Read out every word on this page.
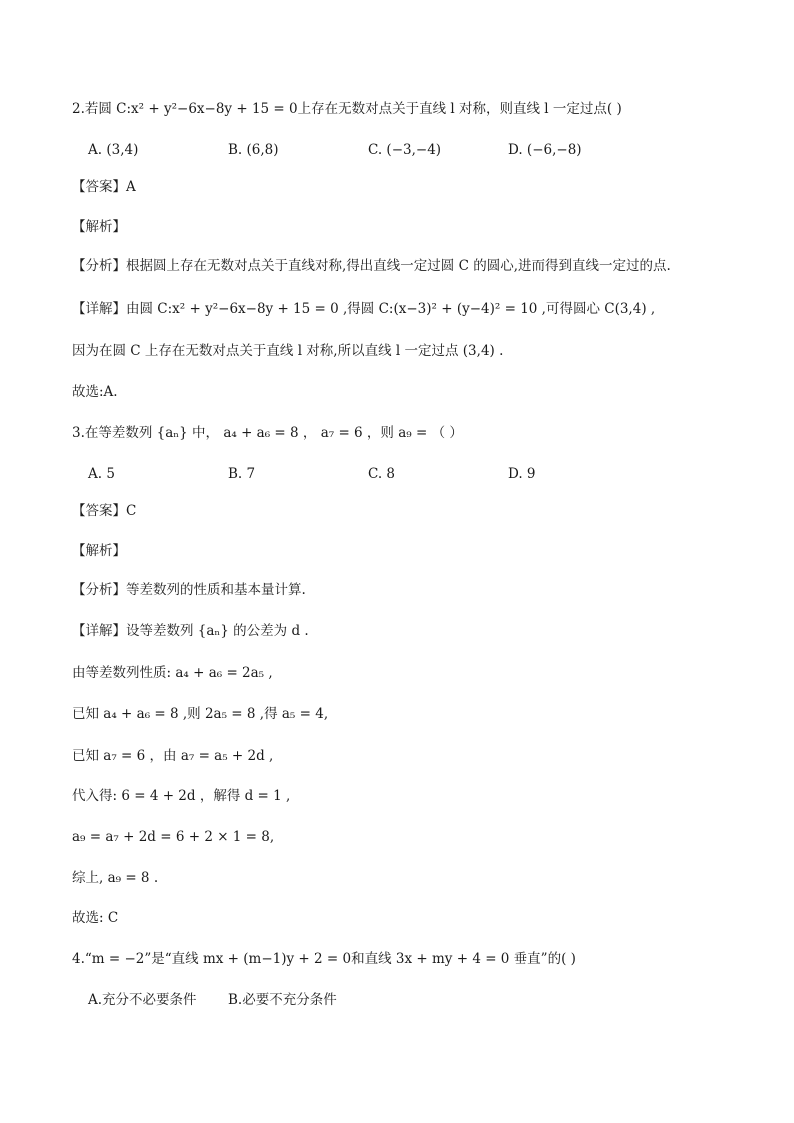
2.若圆 C:x² + y²−6x−8y + 15 = 0上存在无数对点关于直线 l 对称，则直线 l 一定过点( )
A. (3,4)	B. (6,8)	C. (−3,−4)	D. (−6,−8)
【答案】A
【解析】
【分析】根据圆上存在无数对点关于直线对称,得出直线一定过圆 C 的圆心,进而得到直线一定过的点.
【详解】由圆 C:x² + y²−6x−8y + 15 = 0 ,得圆 C:(x−3)² + (y−4)² = 10 ,可得圆心 C(3,4) ,
因为在圆 C 上存在无数对点关于直线 l 对称,所以直线 l 一定过点 (3,4) .
故选:A.
3.在等差数列 {aₙ} 中， a₄ + a₆ = 8 ， a₇ = 6 ，则 a₉ = （ ）
A. 5	B. 7	C. 8	D. 9
【答案】C
【解析】
【分析】等差数列的性质和基本量计算.
【详解】设等差数列 {aₙ} 的公差为 d .
由等差数列性质: a₄ + a₆ = 2a₅ ,
已知 a₄ + a₆ = 8 ,则 2a₅ = 8 ,得 a₅ = 4,
已知 a₇ = 6 ，由 a₇ = a₅ + 2d ,
代入得: 6 = 4 + 2d ，解得 d = 1 ,
a₉ = a₇ + 2d = 6 + 2 × 1 = 8,
综上, a₉ = 8 .
故选: C
4.“m = −2”是“直线 mx + (m−1)y + 2 = 0和直线 3x + my + 4 = 0 垂直”的( )
A.充分不必要条件 B.必要不充分条件
